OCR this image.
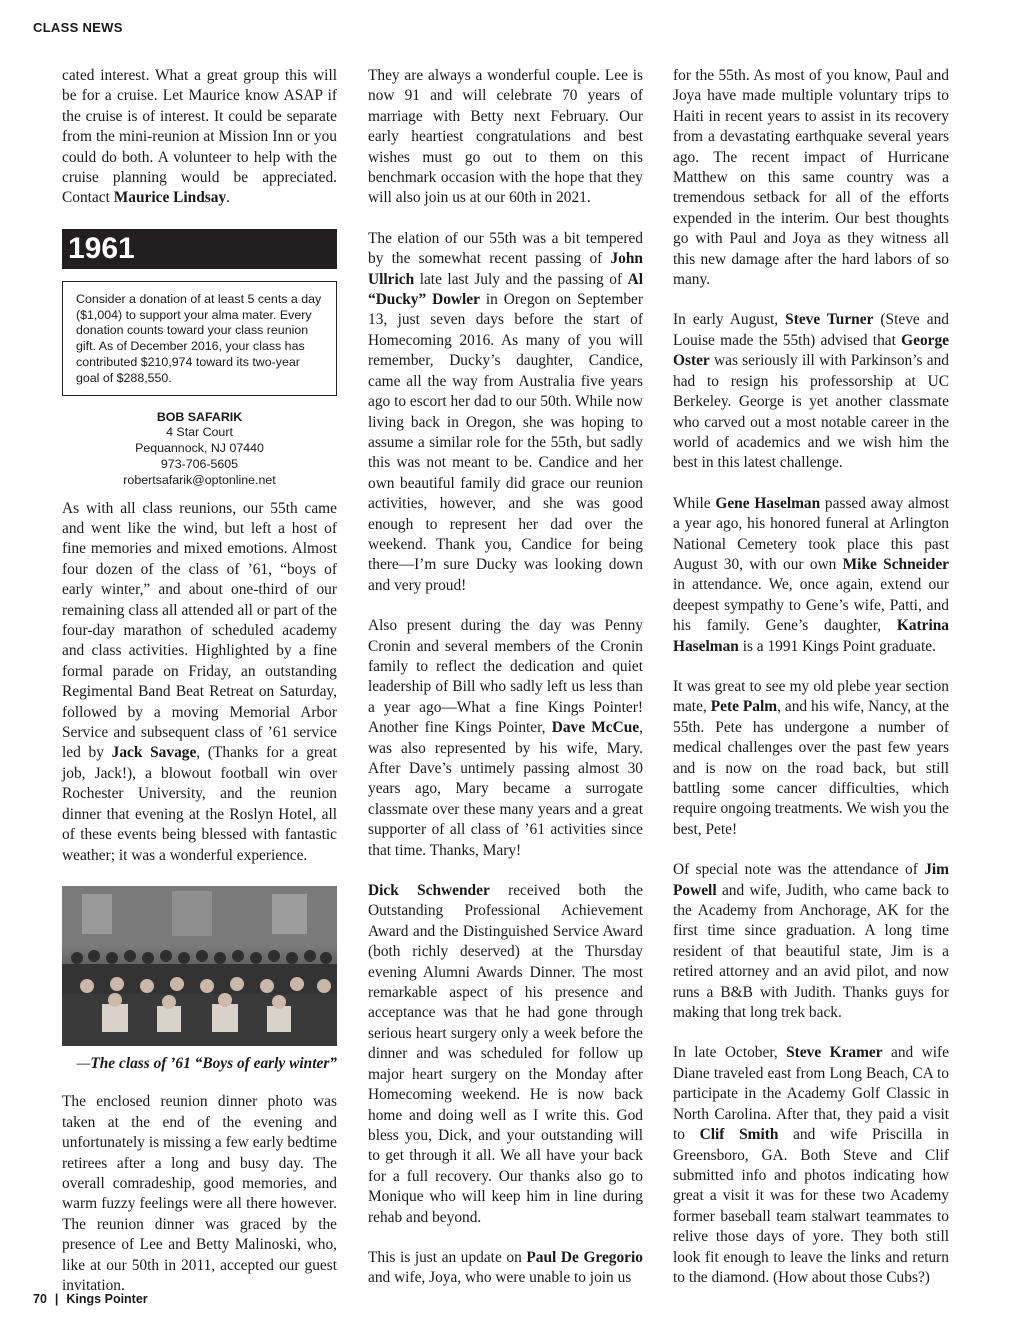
CLASS NEWS

cated interest. What a great group this will be for a cruise. Let Maurice know ASAP if the cruise is of interest. It could be separate from the mini-reunion at Mission Inn or you could do both. A volunteer to help with the cruise planning would be appreciated. Contact Maurice Lindsay.

1961
Consider a donation of at least 5 cents a day ($1,004) to support your alma mater. Every donation counts toward your class reunion gift. As of December 2016, your class has contributed $210,974 toward its two-year goal of $288,550.
BOB SAFARIK
4 Star Court
Pequannock, NJ 07440
973-706-5605
robertsafarik@optonline.net

As with all class reunions, our 55th came and went like the wind, but left a host of fine memories and mixed emotions. Almost four dozen of the class of ’61, “boys of early winter,” and about one-third of our remaining class all attended all or part of the four-day marathon of scheduled academy and class activities. Highlighted by a fine formal parade on Friday, an outstanding Regimental Band Beat Retreat on Saturday, followed by a moving Memorial Arbor Service and subsequent class of ’61 service led by Jack Savage, (Thanks for a great job, Jack!), a blowout football win over Rochester University, and the reunion dinner that evening at the Roslyn Hotel, all of these events being blessed with fantastic weather; it was a wonderful experience.

—The class of ’61 “Boys of early winter”

The enclosed reunion dinner photo was taken at the end of the evening and unfortunately is missing a few early bedtime retirees after a long and busy day. The overall comradeship, good memories, and warm fuzzy feelings were all there however. The reunion dinner was graced by the presence of Lee and Betty Malinoski, who, like at our 50th in 2011, accepted our guest invitation.

They are always a wonderful couple. Lee is now 91 and will celebrate 70 years of marriage with Betty next February. Our early heartiest congratulations and best wishes must go out to them on this benchmark occasion with the hope that they will also join us at our 60th in 2021.

The elation of our 55th was a bit tempered by the somewhat recent passing of John Ullrich late last July and the passing of Al “Ducky” Dowler in Oregon on September 13, just seven days before the start of Homecoming 2016. As many of you will remember, Ducky’s daughter, Candice, came all the way from Australia five years ago to escort her dad to our 50th. While now living back in Oregon, she was hoping to assume a similar role for the 55th, but sadly this was not meant to be. Candice and her own beautiful family did grace our reunion activities, however, and she was good enough to represent her dad over the weekend. Thank you, Candice for being there—I’m sure Ducky was looking down and very proud!

Also present during the day was Penny Cronin and several members of the Cronin family to reflect the dedication and quiet leadership of Bill who sadly left us less than a year ago—What a fine Kings Pointer! Another fine Kings Pointer, Dave McCue, was also represented by his wife, Mary. After Dave’s untimely passing almost 30 years ago, Mary became a surrogate classmate over these many years and a great supporter of all class of ’61 activities since that time. Thanks, Mary!

Dick Schwender received both the Outstanding Professional Achievement Award and the Distinguished Service Award (both richly deserved) at the Thursday evening Alumni Awards Dinner. The most remarkable aspect of his presence and acceptance was that he had gone through serious heart surgery only a week before the dinner and was scheduled for follow up major heart surgery on the Monday after Homecoming weekend. He is now back home and doing well as I write this. God bless you, Dick, and your outstanding will to get through it all. We all have your back for a full recovery. Our thanks also go to Monique who will keep him in line during rehab and beyond.

This is just an update on Paul De Gregorio and wife, Joya, who were unable to join us

for the 55th. As most of you know, Paul and Joya have made multiple voluntary trips to Haiti in recent years to assist in its recovery from a devastating earthquake several years ago. The recent impact of Hurricane Matthew on this same country was a tremendous setback for all of the efforts expended in the interim. Our best thoughts go with Paul and Joya as they witness all this new damage after the hard labors of so many.

In early August, Steve Turner (Steve and Louise made the 55th) advised that George Oster was seriously ill with Parkinson’s and had to resign his professorship at UC Berkeley. George is yet another classmate who carved out a most notable career in the world of academics and we wish him the best in this latest challenge.

While Gene Haselman passed away almost a year ago, his honored funeral at Arlington National Cemetery took place this past August 30, with our own Mike Schneider in attendance. We, once again, extend our deepest sympathy to Gene’s wife, Patti, and his family. Gene’s daughter, Katrina Haselman is a 1991 Kings Point graduate.

It was great to see my old plebe year section mate, Pete Palm, and his wife, Nancy, at the 55th. Pete has undergone a number of medical challenges over the past few years and is now on the road back, but still battling some cancer difficulties, which require ongoing treatments. We wish you the best, Pete!

Of special note was the attendance of Jim Powell and wife, Judith, who came back to the Academy from Anchorage, AK for the first time since graduation. A long time resident of that beautiful state, Jim is a retired attorney and an avid pilot, and now runs a B&B with Judith. Thanks guys for making that long trek back.

In late October, Steve Kramer and wife Diane traveled east from Long Beach, CA to participate in the Academy Golf Classic in North Carolina. After that, they paid a visit to Clif Smith and wife Priscilla in Greensboro, GA. Both Steve and Clif submitted info and photos indicating how great a visit it was for these two Academy former baseball team stalwart teammates to relive those days of yore. They both still look fit enough to leave the links and return to the diamond. (How about those Cubs?)

70 | Kings Pointer
